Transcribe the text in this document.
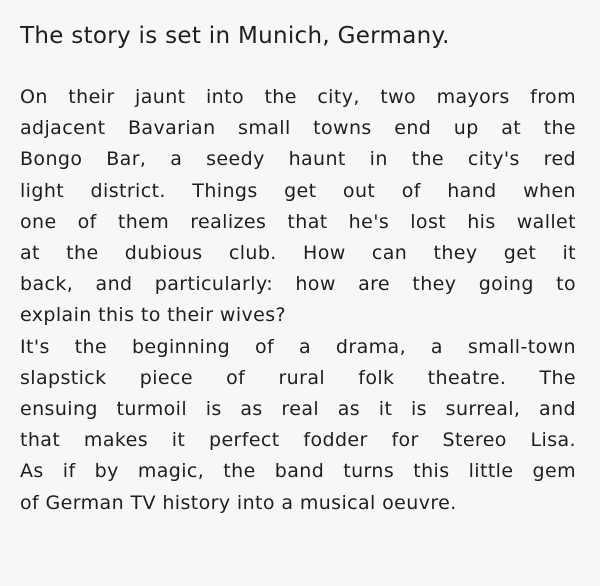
The story is set in Munich, Germany.
On their jaunt into the city, two mayors from
adjacent Bavarian small towns end up at the
Bongo Bar, a seedy haunt in the city's red
light district. Things get out of hand when
one of them realizes that he's lost his wallet
at the dubious club. How can they get it
back, and particularly: how are they going to
explain this to their wives?
It's the beginning of a drama, a small-town
slapstick piece of rural folk theatre. The
ensuing turmoil is as real as it is surreal, and
that makes it perfect fodder for Stereo Lisa.
As if by magic, the band turns this little gem
of German TV history into a musical oeuvre.
